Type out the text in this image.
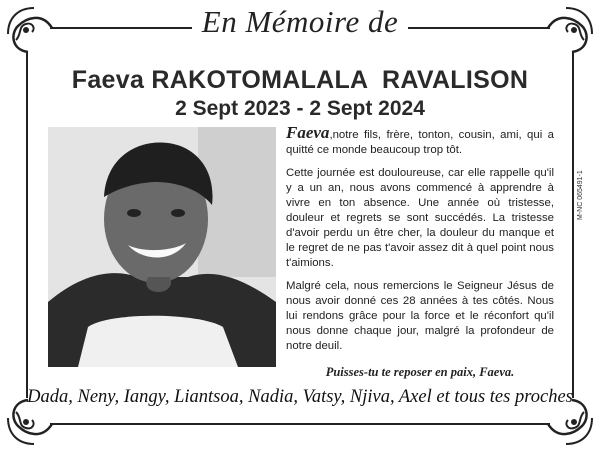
En Mémoire de
Faeva RAKOTOMALALA  RAVALISON
2 Sept 2023 - 2 Sept 2024

Faeva,notre fils, frère, tonton, cousin, ami, qui a quitté ce monde beaucoup trop tôt.

Cette journée est douloureuse, car elle rappelle qu'il y a un an, nous avons commencé à apprendre à vivre en ton absence. Une année où tristesse, douleur et regrets se sont succédés. La tristesse d'avoir perdu un être cher, la douleur du manque et le regret de ne pas t'avoir assez dit à quel point nous t'aimions.

Malgré cela, nous remercions le Seigneur Jésus de nous avoir donné ces 28 années à tes côtés. Nous lui rendons grâce pour la force et le réconfort qu'il nous donne chaque jour, malgré la profondeur de notre deuil.

Puisses-tu te reposer en paix, Faeva.
Dada, Neny, Iangy, Liantsoa, Nadia, Vatsy, Njiva, Axel et tous tes proches
M-NC 065491-1
